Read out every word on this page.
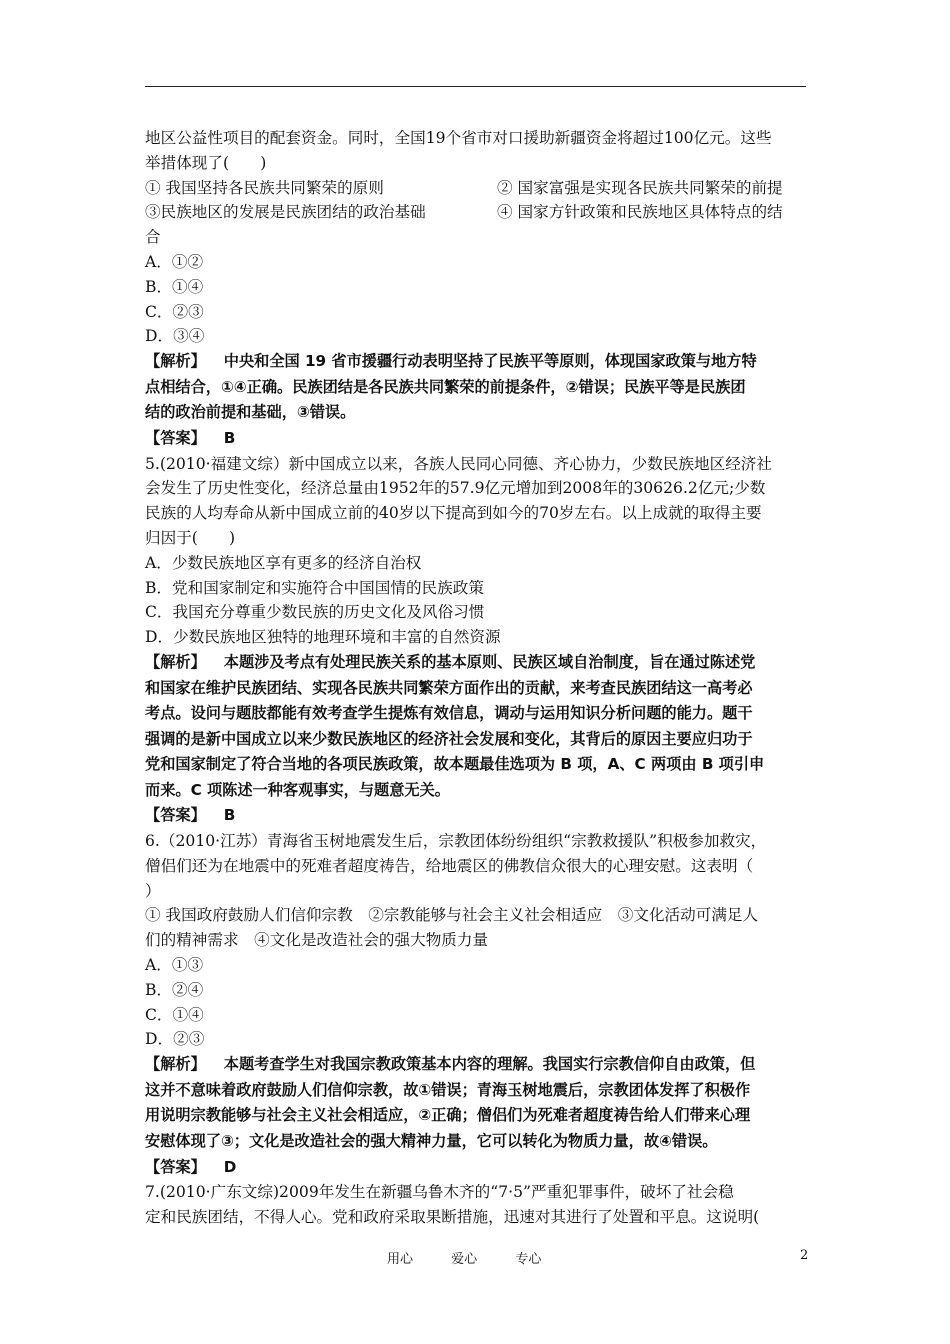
地区公益性项目的配套资金。同时，全国19个省市对口援助新疆资金将超过100亿元。这些
举措体现了(　　)
① 我国坚持各民族共同繁荣的原则	② 国家富强是实现各民族共同繁荣的前提
③民族地区的发展是民族团结的政治基础	④ 国家方针政策和民族地区具体特点的结
合
A．①②
B．①④
C．②③
D．③④
【解析】 中央和全国 19 省市援疆行动表明坚持了民族平等原则，体现国家政策与地方特
点相结合，①④正确。民族团结是各民族共同繁荣的前提条件，②错误；民族平等是民族团
结的政治前提和基础，③错误。
【答案】 B
5.(2010·福建文综）新中国成立以来，各族人民同心同德、齐心协力，少数民族地区经济社
会发生了历史性变化，经济总量由1952年的57.9亿元增加到2008年的30626.2亿元;少数
民族的人均寿命从新中国成立前的40岁以下提高到如今的70岁左右。以上成就的取得主要
归因于(　　)
A．少数民族地区享有更多的经济自治权
B．党和国家制定和实施符合中国国情的民族政策
C．我国充分尊重少数民族的历史文化及风俗习惯
D．少数民族地区独特的地理环境和丰富的自然资源
【解析】 本题涉及考点有处理民族关系的基本原则、民族区域自治制度，旨在通过陈述党
和国家在维护民族团结、实现各民族共同繁荣方面作出的贡献，来考查民族团结这一高考必
考点。设问与题肢都能有效考查学生提炼有效信息，调动与运用知识分析问题的能力。题干
强调的是新中国成立以来少数民族地区的经济社会发展和变化，其背后的原因主要应归功于
党和国家制定了符合当地的各项民族政策，故本题最佳选项为 B 项，A、C 两项由 B 项引申
而来。C 项陈述一种客观事实，与题意无关。
【答案】 B
6.（2010·江苏）青海省玉树地震发生后，宗教团体纷纷组织“宗教救援队”积极参加救灾，
僧侣们还为在地震中的死难者超度祷告，给地震区的佛教信众很大的心理安慰。这表明（
）
① 我国政府鼓励人们信仰宗教　②宗教能够与社会主义社会相适应　③文化活动可满足人
们的精神需求　④文化是改造社会的强大物质力量
A．①③
B．②④
C．①④
D．②③
【解析】 本题考查学生对我国宗教政策基本内容的理解。我国实行宗教信仰自由政策，但
这并不意味着政府鼓励人们信仰宗教，故①错误；青海玉树地震后，宗教团体发挥了积极作
用说明宗教能够与社会主义社会相适应，②正确；僧侣们为死难者超度祷告给人们带来心理
安慰体现了③；文化是改造社会的强大精神力量，它可以转化为物质力量，故④错误。
【答案】 D
7.(2010·广东文综)2009年发生在新疆乌鲁木齐的“7·5”严重犯罪事件，破坏了社会稳
定和民族团结，不得人心。党和政府采取果断措施，迅速对其进行了处置和平息。这说明(
用心	爱心	专心	2
